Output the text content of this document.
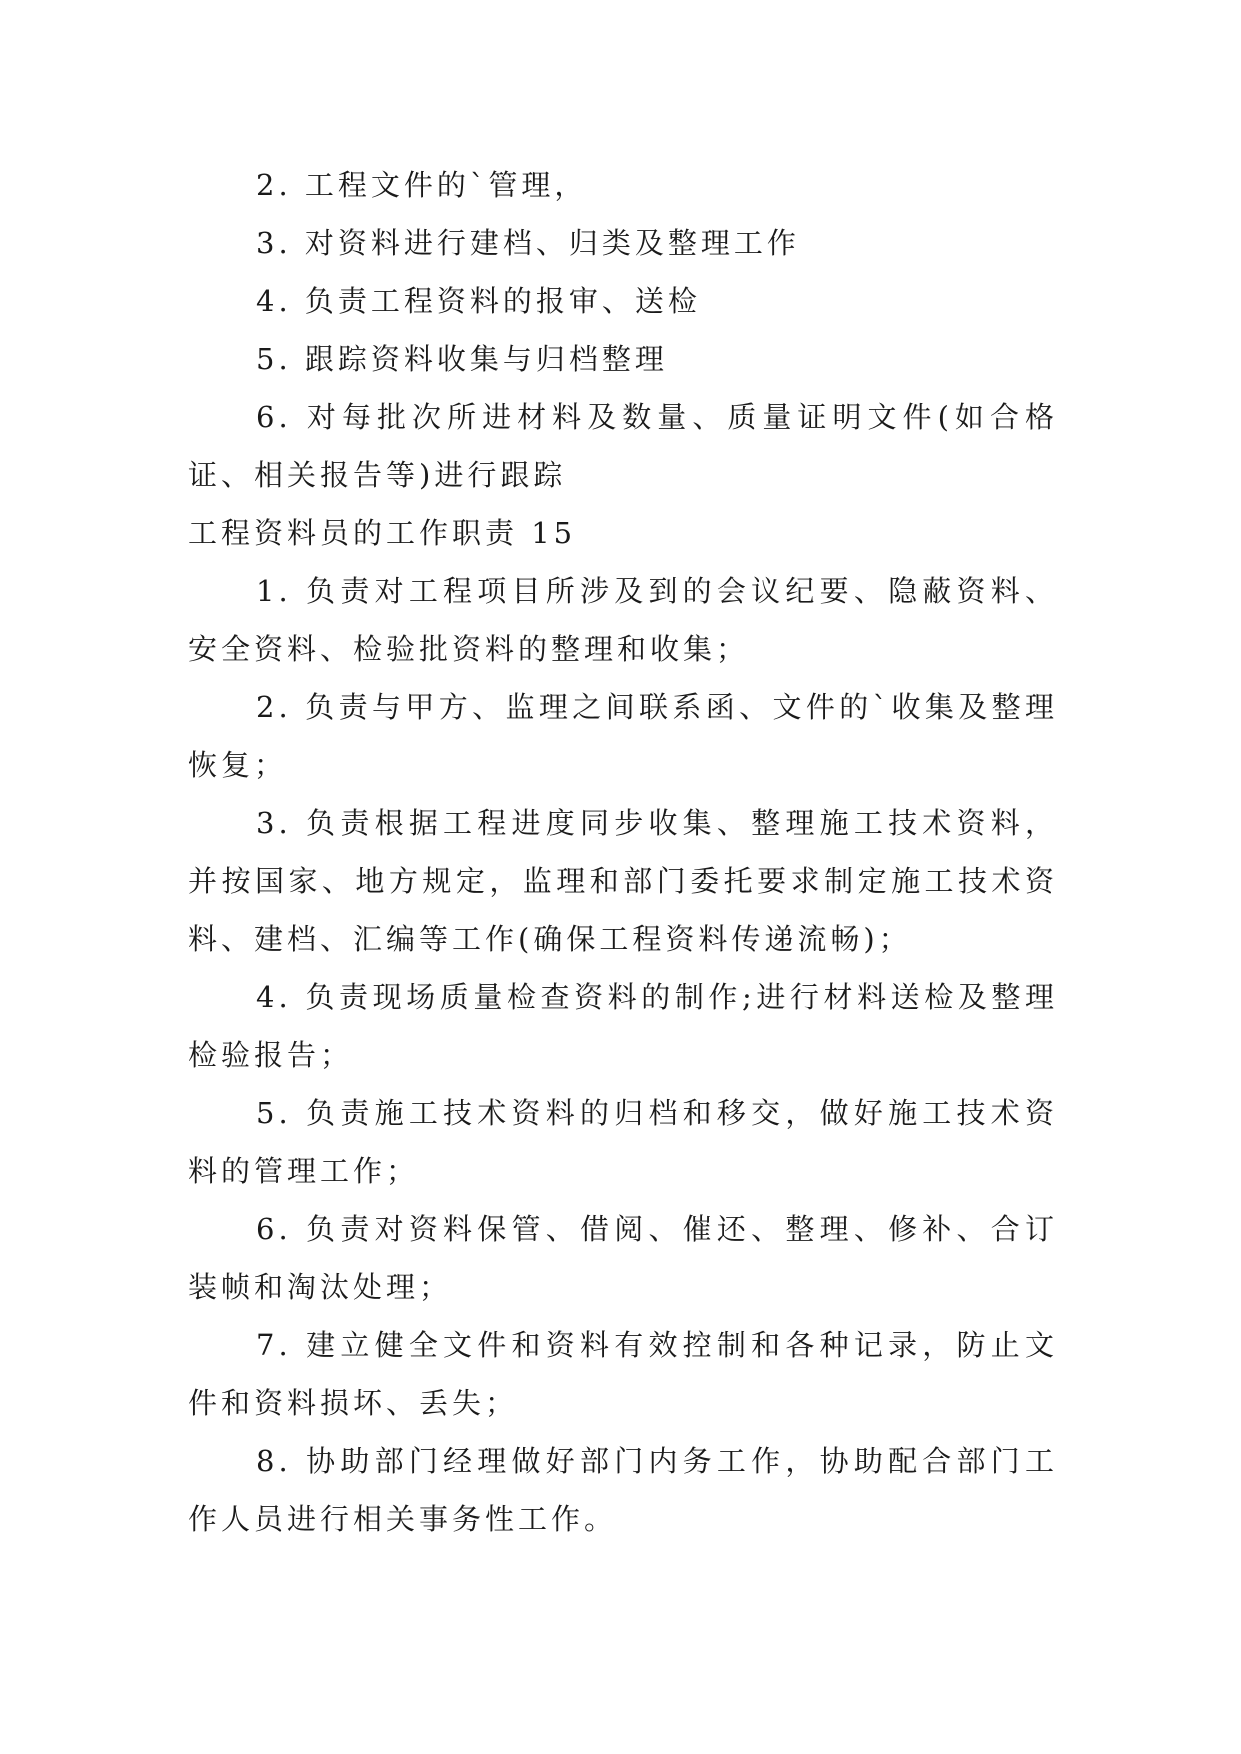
2. 工程文件的`管理，

3. 对资料进行建档、归类及整理工作

4. 负责工程资料的报审、送检

5. 跟踪资料收集与归档整理

6. 对每批次所进材料及数量、质量证明文件(如合格证、相关报告等)进行跟踪

工程资料员的工作职责 15

1. 负责对工程项目所涉及到的会议纪要、隐蔽资料、安全资料、检验批资料的整理和收集；

2. 负责与甲方、监理之间联系函、文件的`收集及整理恢复；

3. 负责根据工程进度同步收集、整理施工技术资料，并按国家、地方规定，监理和部门委托要求制定施工技术资料、建档、汇编等工作(确保工程资料传递流畅)；

4. 负责现场质量检查资料的制作;进行材料送检及整理检验报告；

5. 负责施工技术资料的归档和移交，做好施工技术资料的管理工作；

6. 负责对资料保管、借阅、催还、整理、修补、合订装帧和淘汰处理；

7. 建立健全文件和资料有效控制和各种记录，防止文件和资料损坏、丢失；

8. 协助部门经理做好部门内务工作，协助配合部门工作人员进行相关事务性工作。
